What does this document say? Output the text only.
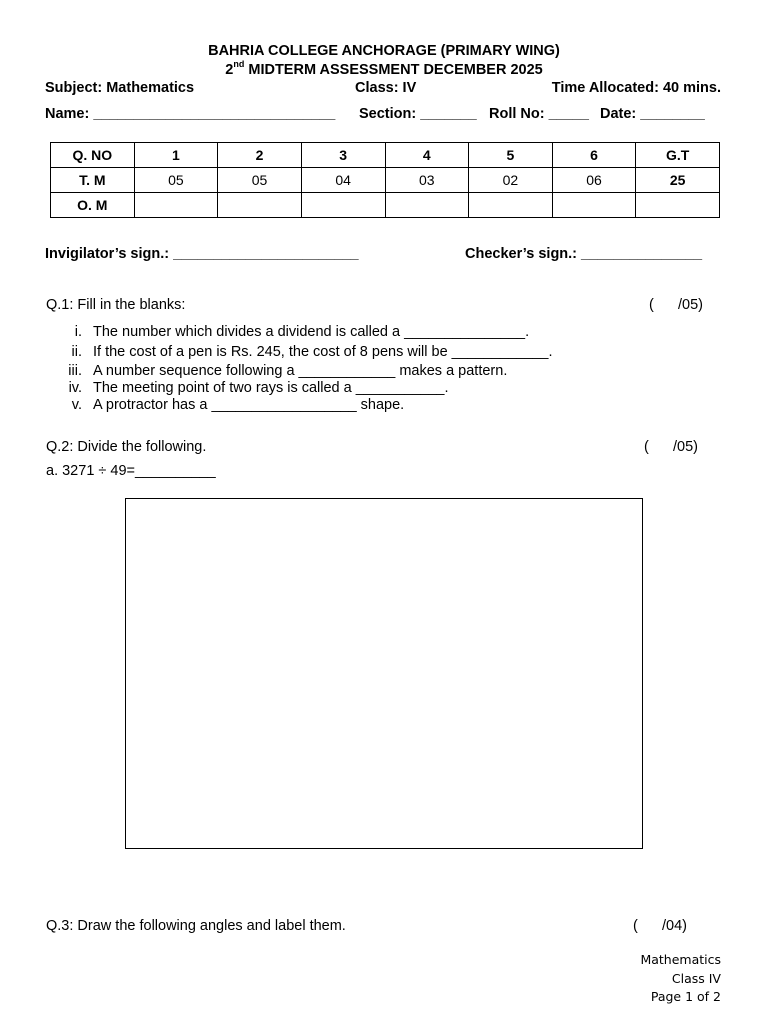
BAHRIA COLLEGE ANCHORAGE (PRIMARY WING)
2nd MIDTERM ASSESSMENT DECEMBER 2025
Subject: Mathematics	Class: IV	Time Allocated: 40 mins.
Name: ______________________________ Section: _______ Roll No: _____ Date: ________
Q. NO	1	2	3	4	5	6	G.T
T. M	05	05	04	03	02	06	25
O. M							
Invigilator’s sign.: _______________________	Checker’s sign.: _______________
Q.1: Fill in the blanks:	(      /05)
i. The number which divides a dividend is called a _______________.
ii. If the cost of a pen is Rs. 245, the cost of 8 pens will be ____________.
iii. A number sequence following a ____________ makes a pattern.
iv. The meeting point of two rays is called a ___________.
v. A protractor has a __________________ shape.
Q.2: Divide the following.	(      /05)
a. 3271 ÷ 49=__________
Q.3: Draw the following angles and label them.	(      /04)
Mathematics
Class IV
Page 1 of 2
